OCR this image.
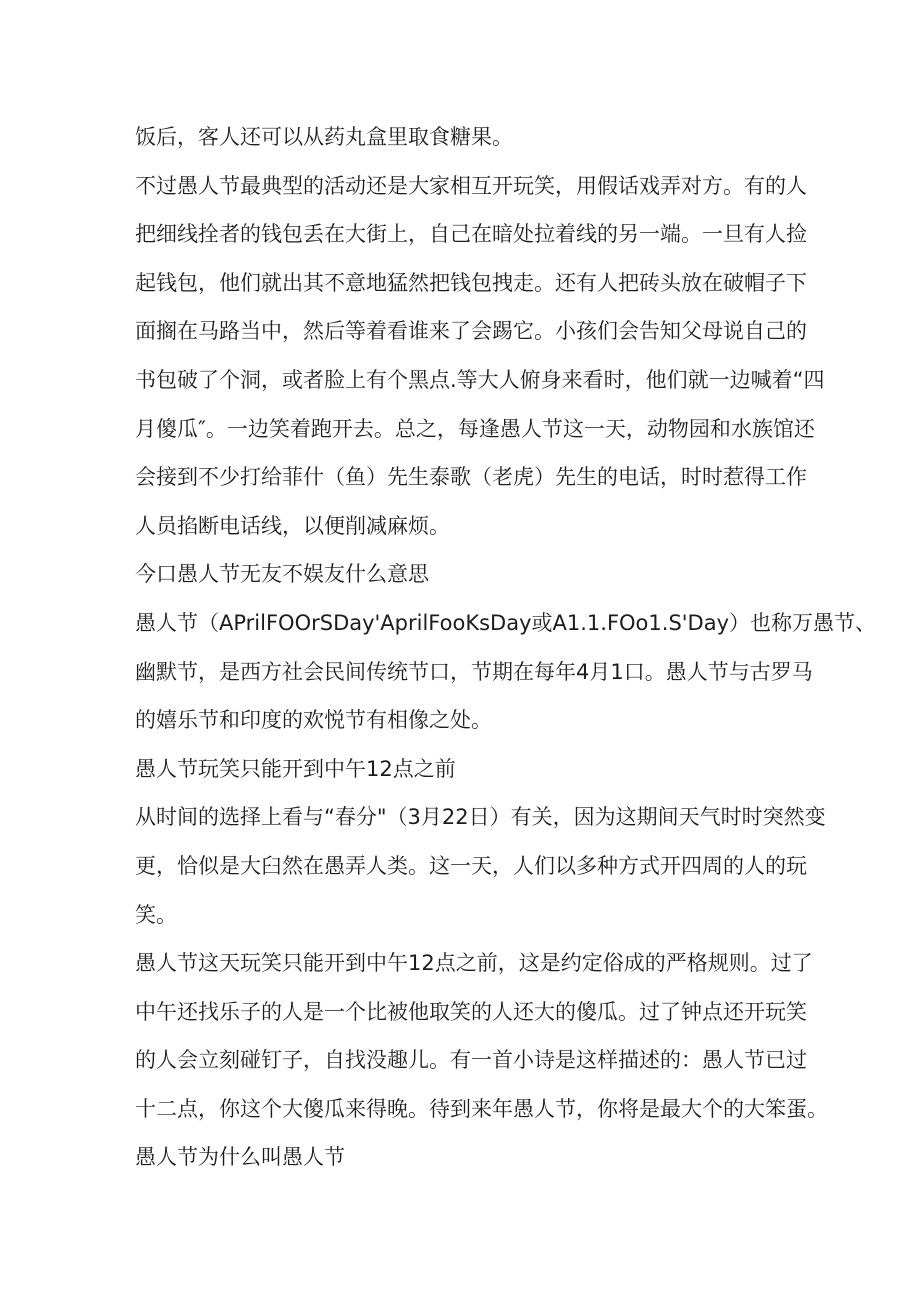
饭后，客人还可以从药丸盒里取食糖果。

不过愚人节最典型的活动还是大家相互开玩笑，用假话戏弄对方。有的人

把细线拴者的钱包丢在大街上，自己在暗处拉着线的另一端。一旦有人捡

起钱包，他们就出其不意地猛然把钱包拽走。还有人把砖头放在破帽子下

面搁在马路当中，然后等着看谁来了会踢它。小孩们会告知父母说自己的

书包破了个洞，或者脸上有个黑点.等大人俯身来看时，他们就一边喊着“四

月傻瓜″。一边笑着跑开去。总之，每逢愚人节这一天，动物园和水族馆还

会接到不少打给菲什（鱼）先生泰歌（老虎）先生的电话，时时惹得工作

人员掐断电话线，以便削减麻烦。

今口愚人节无友不娱友什么意思

愚人节（APrilFOOrSDay'AprilFooKsDay或A1.1.FOo1.S'Day）也称万愚节、

幽默节，是西方社会民间传统节口，节期在每年4月1口。愚人节与古罗马

的嬉乐节和印度的欢悦节有相像之处。

愚人节玩笑只能开到中午12点之前

从时间的选择上看与“春分"（3月22日）有关，因为这期间天气时时突然变

更，恰似是大臼然在愚弄人类。这一天，人们以多种方式开四周的人的玩

笑。

愚人节这天玩笑只能开到中午12点之前，这是约定俗成的严格规则。过了

中午还找乐子的人是一个比被他取笑的人还大的傻瓜。过了钟点还开玩笑

的人会立刻碰钉子，自找没趣儿。有一首小诗是这样描述的：愚人节已过

十二点，你这个大傻瓜来得晚。待到来年愚人节，你将是最大个的大笨蛋。

愚人节为什么叫愚人节
